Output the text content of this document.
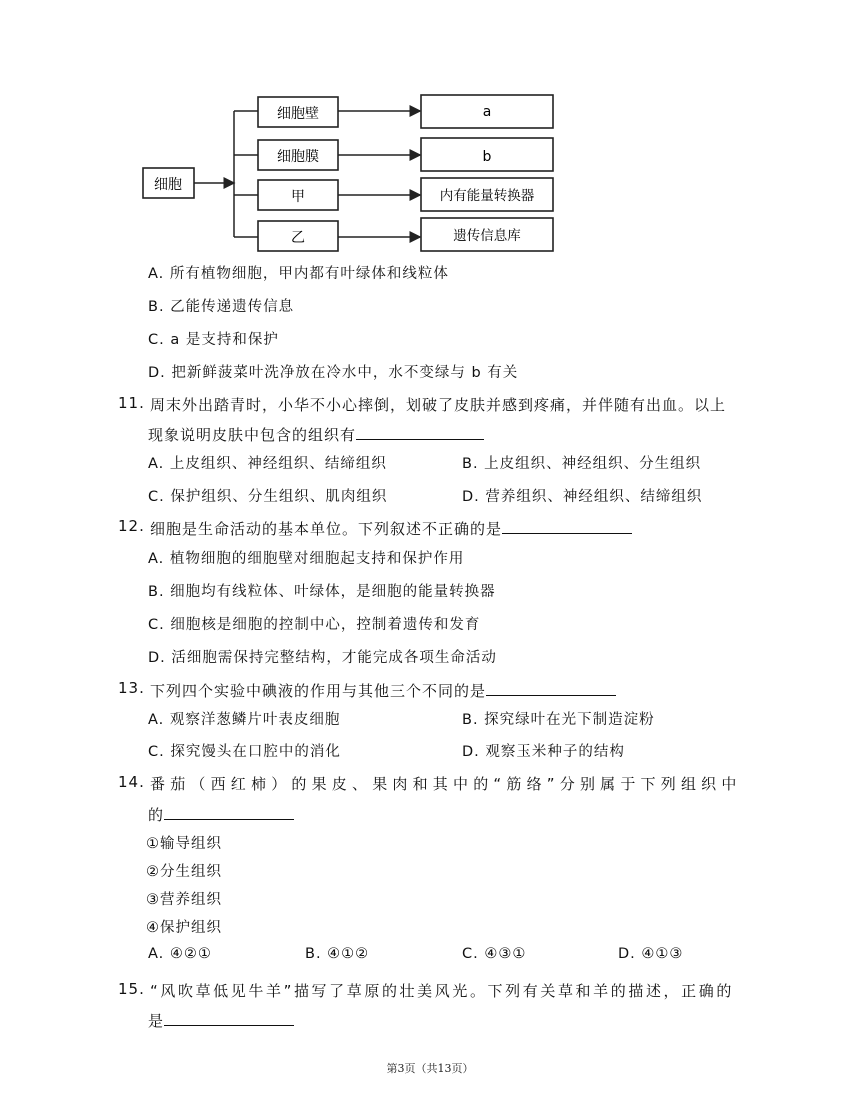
细胞
细胞壁
细胞膜
甲
乙
a
b
内有能量转换器
遗传信息库
A. 所有植物细胞，甲内都有叶绿体和线粒体
B. 乙能传递遗传信息
C. a 是支持和保护
D. 把新鲜菠菜叶洗净放在冷水中，水不变绿与 b 有关
11. 周末外出踏青时，小华不小心摔倒，划破了皮肤并感到疼痛，并伴随有出血。以上
现象说明皮肤中包含的组织有
A. 上皮组织、神经组织、结缔组织	B. 上皮组织、神经组织、分生组织
C. 保护组织、分生组织、肌肉组织	D. 营养组织、神经组织、结缔组织
12. 细胞是生命活动的基本单位。下列叙述不正确的是
A. 植物细胞的细胞壁对细胞起支持和保护作用
B. 细胞均有线粒体、叶绿体，是细胞的能量转换器
C. 细胞核是细胞的控制中心，控制着遗传和发育
D. 活细胞需保持完整结构，才能完成各项生命活动
13. 下列四个实验中碘液的作用与其他三个不同的是
A. 观察洋葱鳞片叶表皮细胞	B. 探究绿叶在光下制造淀粉
C. 探究馒头在口腔中的消化	D. 观察玉米种子的结构
14. 番茄（西红柿）的果皮、果肉和其中的“筋络”分别属于下列组织中
的
①输导组织
②分生组织
③营养组织
④保护组织
A. ④②①	B. ④①②	C. ④③①	D. ④①③
15. “风吹草低见牛羊”描写了草原的壮美风光。下列有关草和羊的描述，正确的
是
第3页（共13页）
